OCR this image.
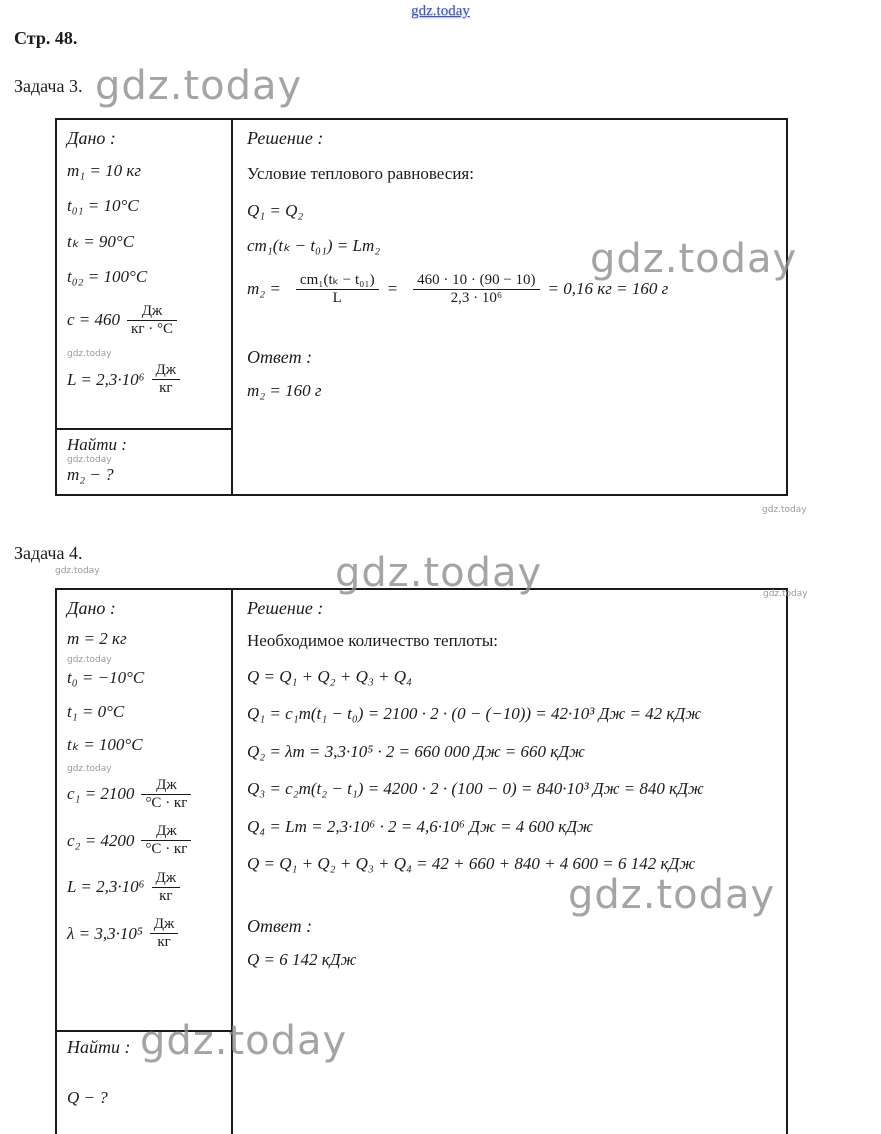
gdz.today
Стр. 48.
Задача 3. gdz.today
gdz.today
gdz.today
Дано :
m₁ = 10 кг
t₀₁ = 10°C
tₖ = 90°C
t₀₂ = 100°C
$c = 460 \frac{Дж}{кг \cdot ^\circ C}$
gdz.today
$L = 2,3\cdot 10^6 \frac{Дж}{кг}$
Найти :
gdz.today
m₂ − ?
Решение :
Условие теплового равновесия:
Q₁ = Q₂
cm₁(tₖ − t₀₁) = Lm₂
$m_2 = \frac{\text{cm₁(tₖ − t₀₁)}}{L} = \frac{460 \cdot 10 \cdot (90 - 10)}{\text{2,3 · 10⁶}} = 0,16$ кг = 160 г
Ответ :
m₂ = 160 г
Задача 4.
gdz.today	gdz.today	gdz.today
gdz.today
gdz.today
Дано :
m = 2 кг
gdz.today
t₀ = −10°C
t₁ = 0°C
tₖ = 100°C
gdz.today
$c_1 = 2100 \frac{Дж}{^\circ C \cdot кг}$
$c_2 = 4200 \frac{Дж}{^\circ C \cdot кг}$
$L = 2,3\cdot 10^6 \frac{Дж}{кг}$
$\lambda = 3,3\cdot 10^5 \frac{Дж}{кг}$
Найти :
Q − ?
Решение :
Необходимое количество теплоты:
Q = Q₁ + Q₂ + Q₃ + Q₄
Q₁ = c₁m(t₁ − t₀) = 2100 · 2 · (0 − (−10)) = 42·10³ Дж = 42 кДж
Q₂ = λm = 3,3·10⁵ · 2 = 660 000 Дж = 660 кДж
Q₃ = c₂m(t₂ − t₁) = 4200 · 2 · (100 − 0) = 840·10³ Дж = 840 кДж
Q₄ = Lm = 2,3·10⁶ · 2 = 4,6·10⁶ Дж = 4 600 кДж
Q = Q₁ + Q₂ + Q₃ + Q₄ = 42 + 660 + 840 + 4 600 = 6 142 кДж
Ответ :
Q = 6 142 кДж
